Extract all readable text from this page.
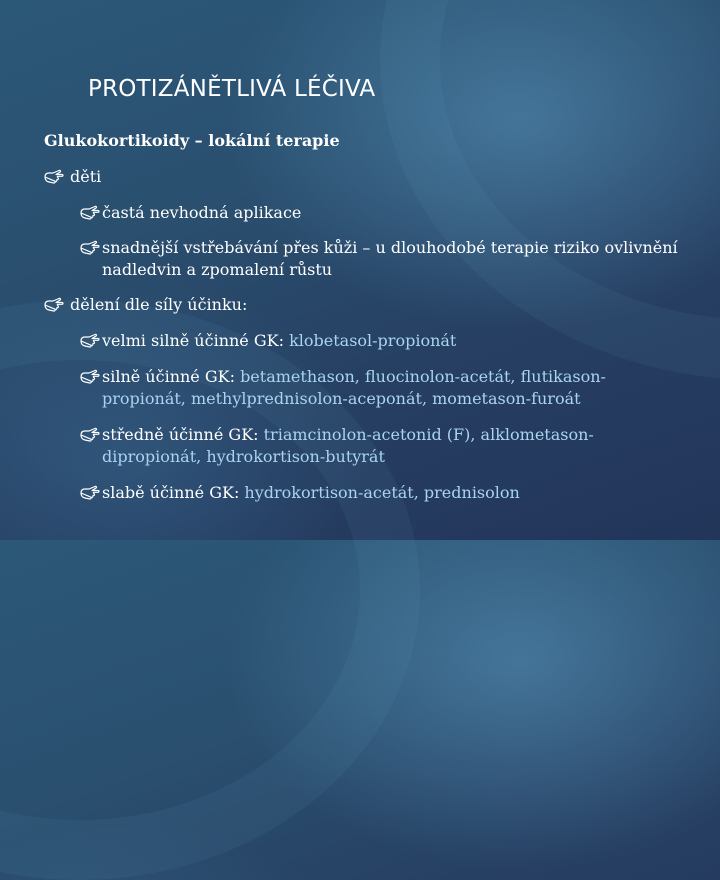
PROTIZÁNĚTLIVÁ LÉČIVA
Glukokortikoidy – lokální terapie
děti
častá nevhodná aplikace
snadnější vstřebávání přes kůži – u dlouhodobé terapie riziko ovlivnění nadledvin a zpomalení růstu
dělení dle síly účinku:
velmi silně účinné GK: klobetasol-propionát
silně účinné GK: betamethason, fluocinolon-acetát, flutikason-propionát, methylprednisolon-aceponát, mometason-furoát
středně účinné GK: triamcinolon-acetonid (F), alklometason-dipropionát, hydrokortison-butyrát
slabě účinné GK: hydrokortison-acetát, prednisolon
